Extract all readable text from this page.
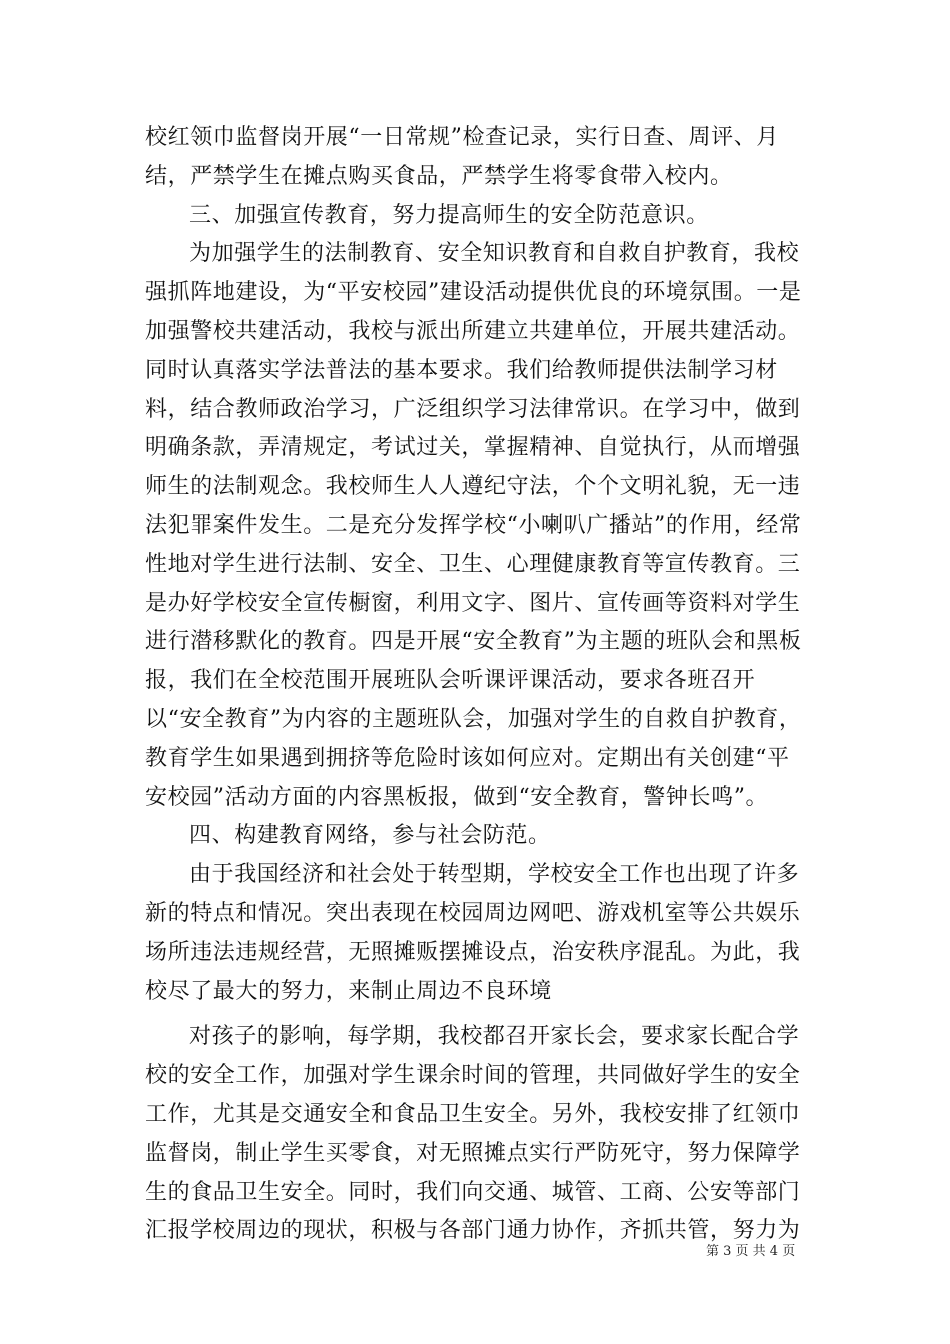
校红领巾监督岗开展“一日常规”检查记录，实行日查、周评、月结，严禁学生在摊点购买食品，严禁学生将零食带入校内。

三、加强宣传教育，努力提高师生的安全防范意识。

为加强学生的法制教育、安全知识教育和自救自护教育，我校强抓阵地建设，为“平安校园”建设活动提供优良的环境氛围。一是加强警校共建活动，我校与派出所建立共建单位，开展共建活动。同时认真落实学法普法的基本要求。我们给教师提供法制学习材料，结合教师政治学习，广泛组织学习法律常识。在学习中，做到明确条款，弄清规定，考试过关，掌握精神、自觉执行，从而增强师生的法制观念。我校师生人人遵纪守法，个个文明礼貌，无一违法犯罪案件发生。二是充分发挥学校“小喇叭广播站”的作用，经常性地对学生进行法制、安全、卫生、心理健康教育等宣传教育。三是办好学校安全宣传橱窗，利用文字、图片、宣传画等资料对学生进行潜移默化的教育。四是开展“安全教育”为主题的班队会和黑板报，我们在全校范围开展班队会听课评课活动，要求各班召开以“安全教育”为内容的主题班队会，加强对学生的自救自护教育，教育学生如果遇到拥挤等危险时该如何应对。定期出有关创建“平安校园”活动方面的内容黑板报，做到“安全教育，警钟长鸣”。

四、构建教育网络，参与社会防范。

由于我国经济和社会处于转型期，学校安全工作也出现了许多新的特点和情况。突出表现在校园周边网吧、游戏机室等公共娱乐场所违法违规经营，无照摊贩摆摊设点，治安秩序混乱。为此，我校尽了最大的努力，来制止周边不良环境

对孩子的影响，每学期，我校都召开家长会，要求家长配合学校的安全工作，加强对学生课余时间的管理，共同做好学生的安全工作，尤其是交通安全和食品卫生安全。另外，我校安排了红领巾监督岗，制止学生买零食，对无照摊点实行严防死守，努力保障学生的食品卫生安全。同时，我们向交通、城管、工商、公安等部门汇报学校周边的现状，积极与各部门通力协作，齐抓共管，努力为

第 3 页 共 4 页
